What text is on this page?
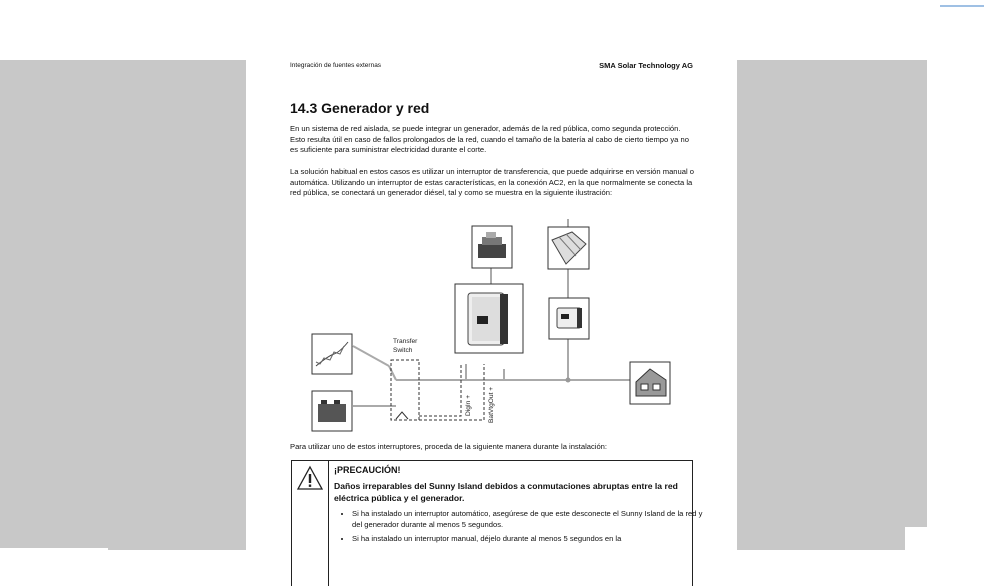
Integración de fuentes externas	SMA Solar Technology AG
14.3 Generador y red

En un sistema de red aislada, se puede integrar un generador, además de la red pública, como segunda protección. Esto resulta útil en caso de fallos prolongados de la red, cuando el tamaño de la batería al cabo de cierto tiempo ya no es suficiente para suministrar electricidad durante el corte.

La solución habitual en estos casos es utilizar un interruptor de transferencia, que puede adquirirse en versión manual o automática. Utilizando un interruptor de estas características, en la conexión AC2, en la que normalmente se conecta la red pública, se conectará un generador diésel, tal y como se muestra en la siguiente ilustración:

Transfer
Switch
DigIn + BatVtgOut +

Para utilizar uno de estos interruptores, proceda de la siguiente manera durante la instalación:

¡PRECAUCIÓN!
Daños irreparables del Sunny Island debidos a conmutaciones abruptas entre la red eléctrica pública y el generador.
• Si ha instalado un interruptor automático, asegúrese de que este desconecte el Sunny Island de la red y del generador durante al menos 5 segundos.
• Si ha instalado un interruptor manual, déjelo durante al menos 5 segundos en la
